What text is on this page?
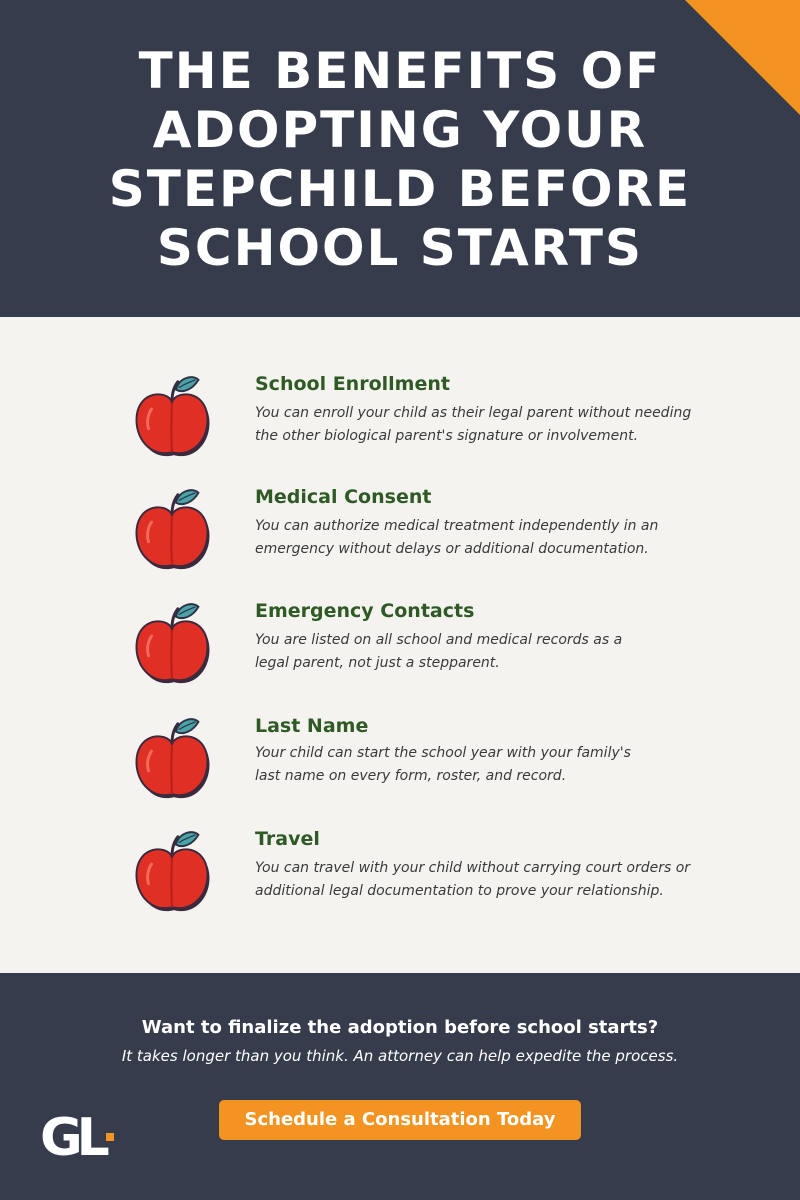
THE BENEFITS OF
ADOPTING YOUR
STEPCHILD BEFORE
SCHOOL STARTS
School Enrollment
You can enroll your child as their legal parent without needing
the other biological parent's signature or involvement.
Medical Consent
You can authorize medical treatment independently in an
emergency without delays or additional documentation.
Emergency Contacts
You are listed on all school and medical records as a
legal parent, not just a stepparent.
Last Name
Your child can start the school year with your family's
last name on every form, roster, and record.
Travel
You can travel with your child without carrying court orders or
additional legal documentation to prove your relationship.
Want to finalize the adoption before school starts?
It takes longer than you think. An attorney can help expedite the process.
Schedule a Consultation Today
GL
